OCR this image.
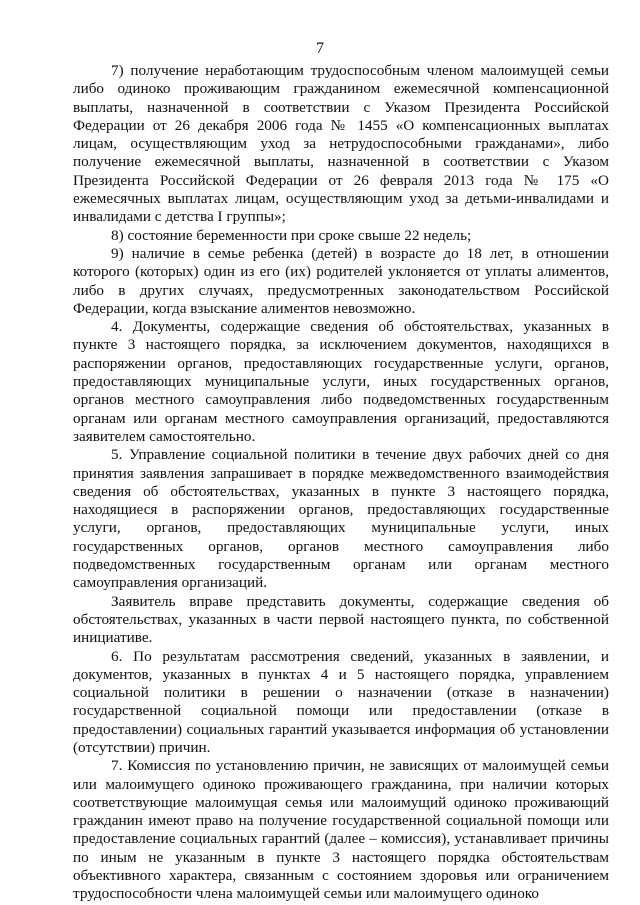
7

7) получение неработающим трудоспособным членом малоимущей семьи либо одиноко проживающим гражданином ежемесячной компенсационной выплаты, назначенной в соответствии с Указом Президента Российской Федерации от 26 декабря 2006 года № 1455 «О компенсационных выплатах лицам, осуществляющим уход за нетрудоспособными гражданами», либо получение ежемесячной выплаты, назначенной в соответствии с Указом Президента Российской Федерации от 26 февраля 2013 года № 175 «О ежемесячных выплатах лицам, осуществляющим уход за детьми-инвалидами и инвалидами с детства I группы»;

8) состояние беременности при сроке свыше 22 недель;

9) наличие в семье ребенка (детей) в возрасте до 18 лет, в отношении которого (которых) один из его (их) родителей уклоняется от уплаты алиментов, либо в других случаях, предусмотренных законодательством Российской Федерации, когда взыскание алиментов невозможно.

4. Документы, содержащие сведения об обстоятельствах, указанных в пункте 3 настоящего порядка, за исключением документов, находящихся в распоряжении органов, предоставляющих государственные услуги, органов, предоставляющих муниципальные услуги, иных государственных органов, органов местного самоуправления либо подведомственных государственным органам или органам местного самоуправления организаций, предоставляются заявителем самостоятельно.

5. Управление социальной политики в течение двух рабочих дней со дня принятия заявления запрашивает в порядке межведомственного взаимодействия сведения об обстоятельствах, указанных в пункте 3 настоящего порядка, находящиеся в распоряжении органов, предоставляющих государственные услуги, органов, предоставляющих муниципальные услуги, иных государственных органов, органов местного самоуправления либо подведомственных государственным органам или органам местного самоуправления организаций.

Заявитель вправе представить документы, содержащие сведения об обстоятельствах, указанных в части первой настоящего пункта, по собственной инициативе.

6. По результатам рассмотрения сведений, указанных в заявлении, и документов, указанных в пунктах 4 и 5 настоящего порядка, управлением социальной политики в решении о назначении (отказе в назначении) государственной социальной помощи или предоставлении (отказе в предоставлении) социальных гарантий указывается информация об установлении (отсутствии) причин.

7. Комиссия по установлению причин, не зависящих от малоимущей семьи или малоимущего одиноко проживающего гражданина, при наличии которых соответствующие малоимущая семья или малоимущий одиноко проживающий гражданин имеют право на получение государственной социальной помощи или предоставление социальных гарантий (далее – комиссия), устанавливает причины по иным не указанным в пункте 3 настоящего порядка обстоятельствам объективного характера, связанным с состоянием здоровья или ограничением трудоспособности члена малоимущей семьи или малоимущего одиноко
